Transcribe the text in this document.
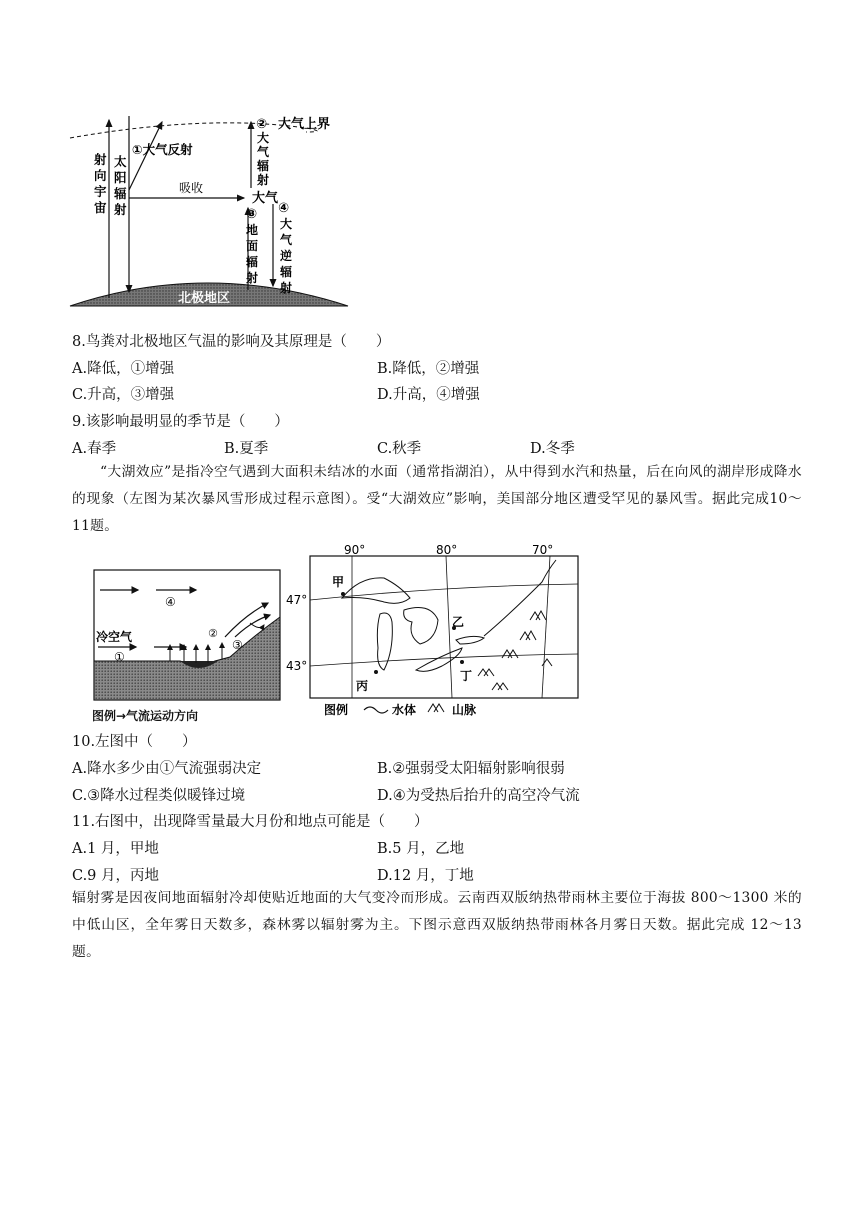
射
向
宇
宙
太
阳
辐
射
①大气反射
吸收
② 大气上界
大
气
辐
射
大气
③
地
面
辐
射
④
大
气
逆
辐
射
北极地区
8.鸟粪对北极地区气温的影响及其原理是（　　）
A.降低，①增强	B.降低，②增强
C.升高，③增强	D.升高，④增强
9.该影响最明显的季节是（　　）
A.春季	B.夏季	C.秋季	D.冬季
“大湖效应”是指冷空气遇到大面积未结冰的水面（通常指湖泊），从中得到水汽和热量，后在向风的湖岸形成降水的现象（左图为某次暴风雪形成过程示意图）。受“大湖效应”影响，美国部分地区遭受罕见的暴风雪。据此完成10～11题。
④
冷空气
①
②
③
图例→气流运动方向
90°	80°	70°
47°
43°
甲
乙
丙
丁
图例	水体	山脉
10.左图中（　　）
A.降水多少由①气流强弱决定	B.②强弱受太阳辐射影响很弱
C.③降水过程类似暖锋过境	D.④为受热后抬升的高空冷气流
11.右图中，出现降雪量最大月份和地点可能是（　　）
A.1 月，甲地	B.5 月，乙地
C.9 月，丙地	D.12 月，丁地
辐射雾是因夜间地面辐射冷却使贴近地面的大气变冷而形成。云南西双版纳热带雨林主要位于海拔 800～1300 米的中低山区，全年雾日天数多，森林雾以辐射雾为主。下图示意西双版纳热带雨林各月雾日天数。据此完成 12～13 题。
